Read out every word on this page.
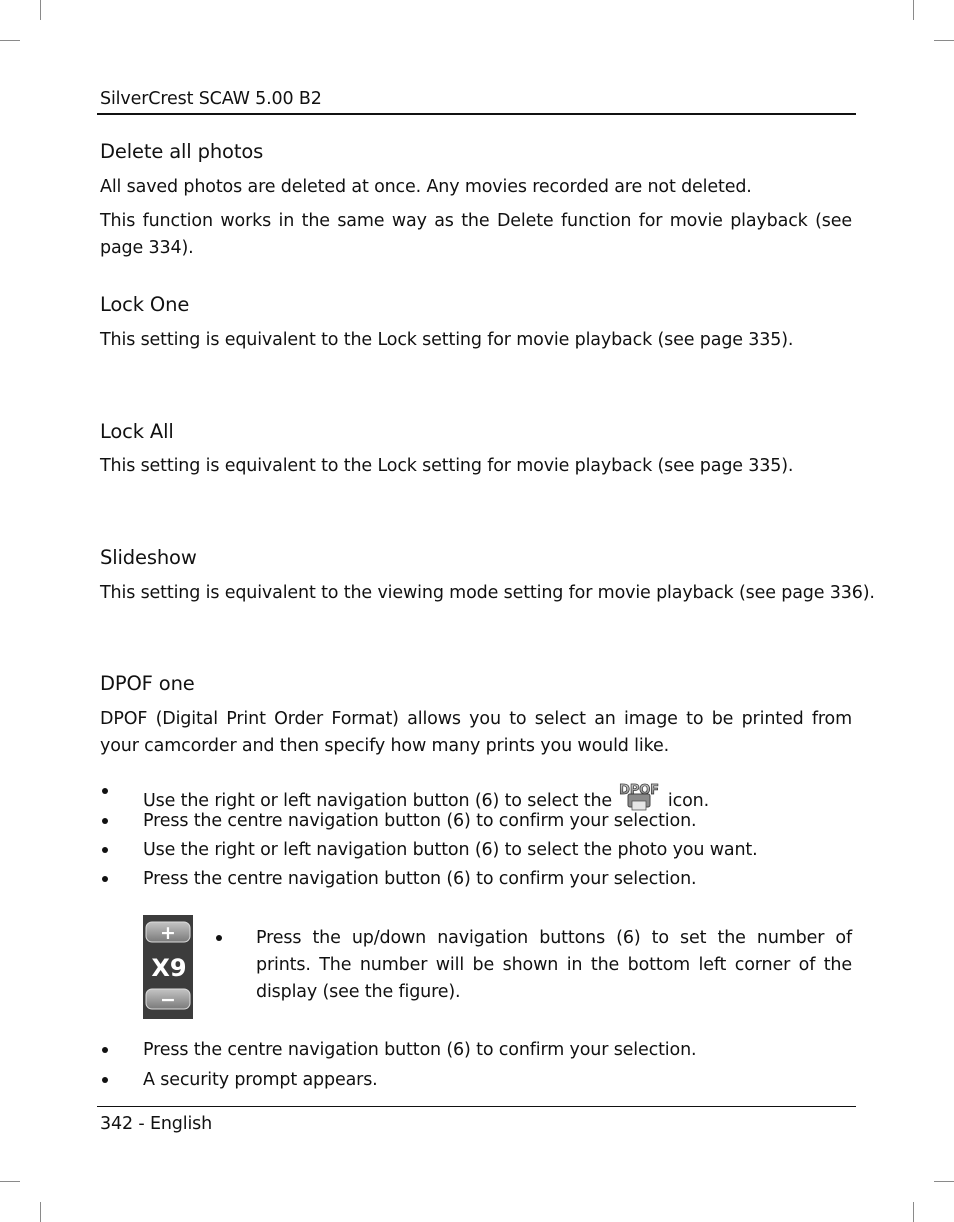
SilverCrest SCAW 5.00 B2
Delete all photos
All saved photos are deleted at once. Any movies recorded are not deleted.
This function works in the same way as the Delete function for movie playback (see page 334).
Lock One
This setting is equivalent to the Lock setting for movie playback (see page 335).
Lock All
This setting is equivalent to the Lock setting for movie playback (see page 335).
Slideshow
This setting is equivalent to the viewing mode setting for movie playback (see page 336).
DPOF one
DPOF (Digital Print Order Format) allows you to select an image to be printed from your camcorder and then specify how many prints you would like.
Use the right or left navigation button (6) to select the
DPOF
icon.
Press the centre navigation button (6) to confirm your selection.
Use the right or left navigation button (6) to select the photo you want.
Press the centre navigation button (6) to confirm your selection.
+
X9
−
Press the up/down navigation buttons (6) to set the number of prints. The number will be shown in the bottom left corner of the display (see the figure).
Press the centre navigation button (6) to confirm your selection.
A security prompt appears.
342 - English
